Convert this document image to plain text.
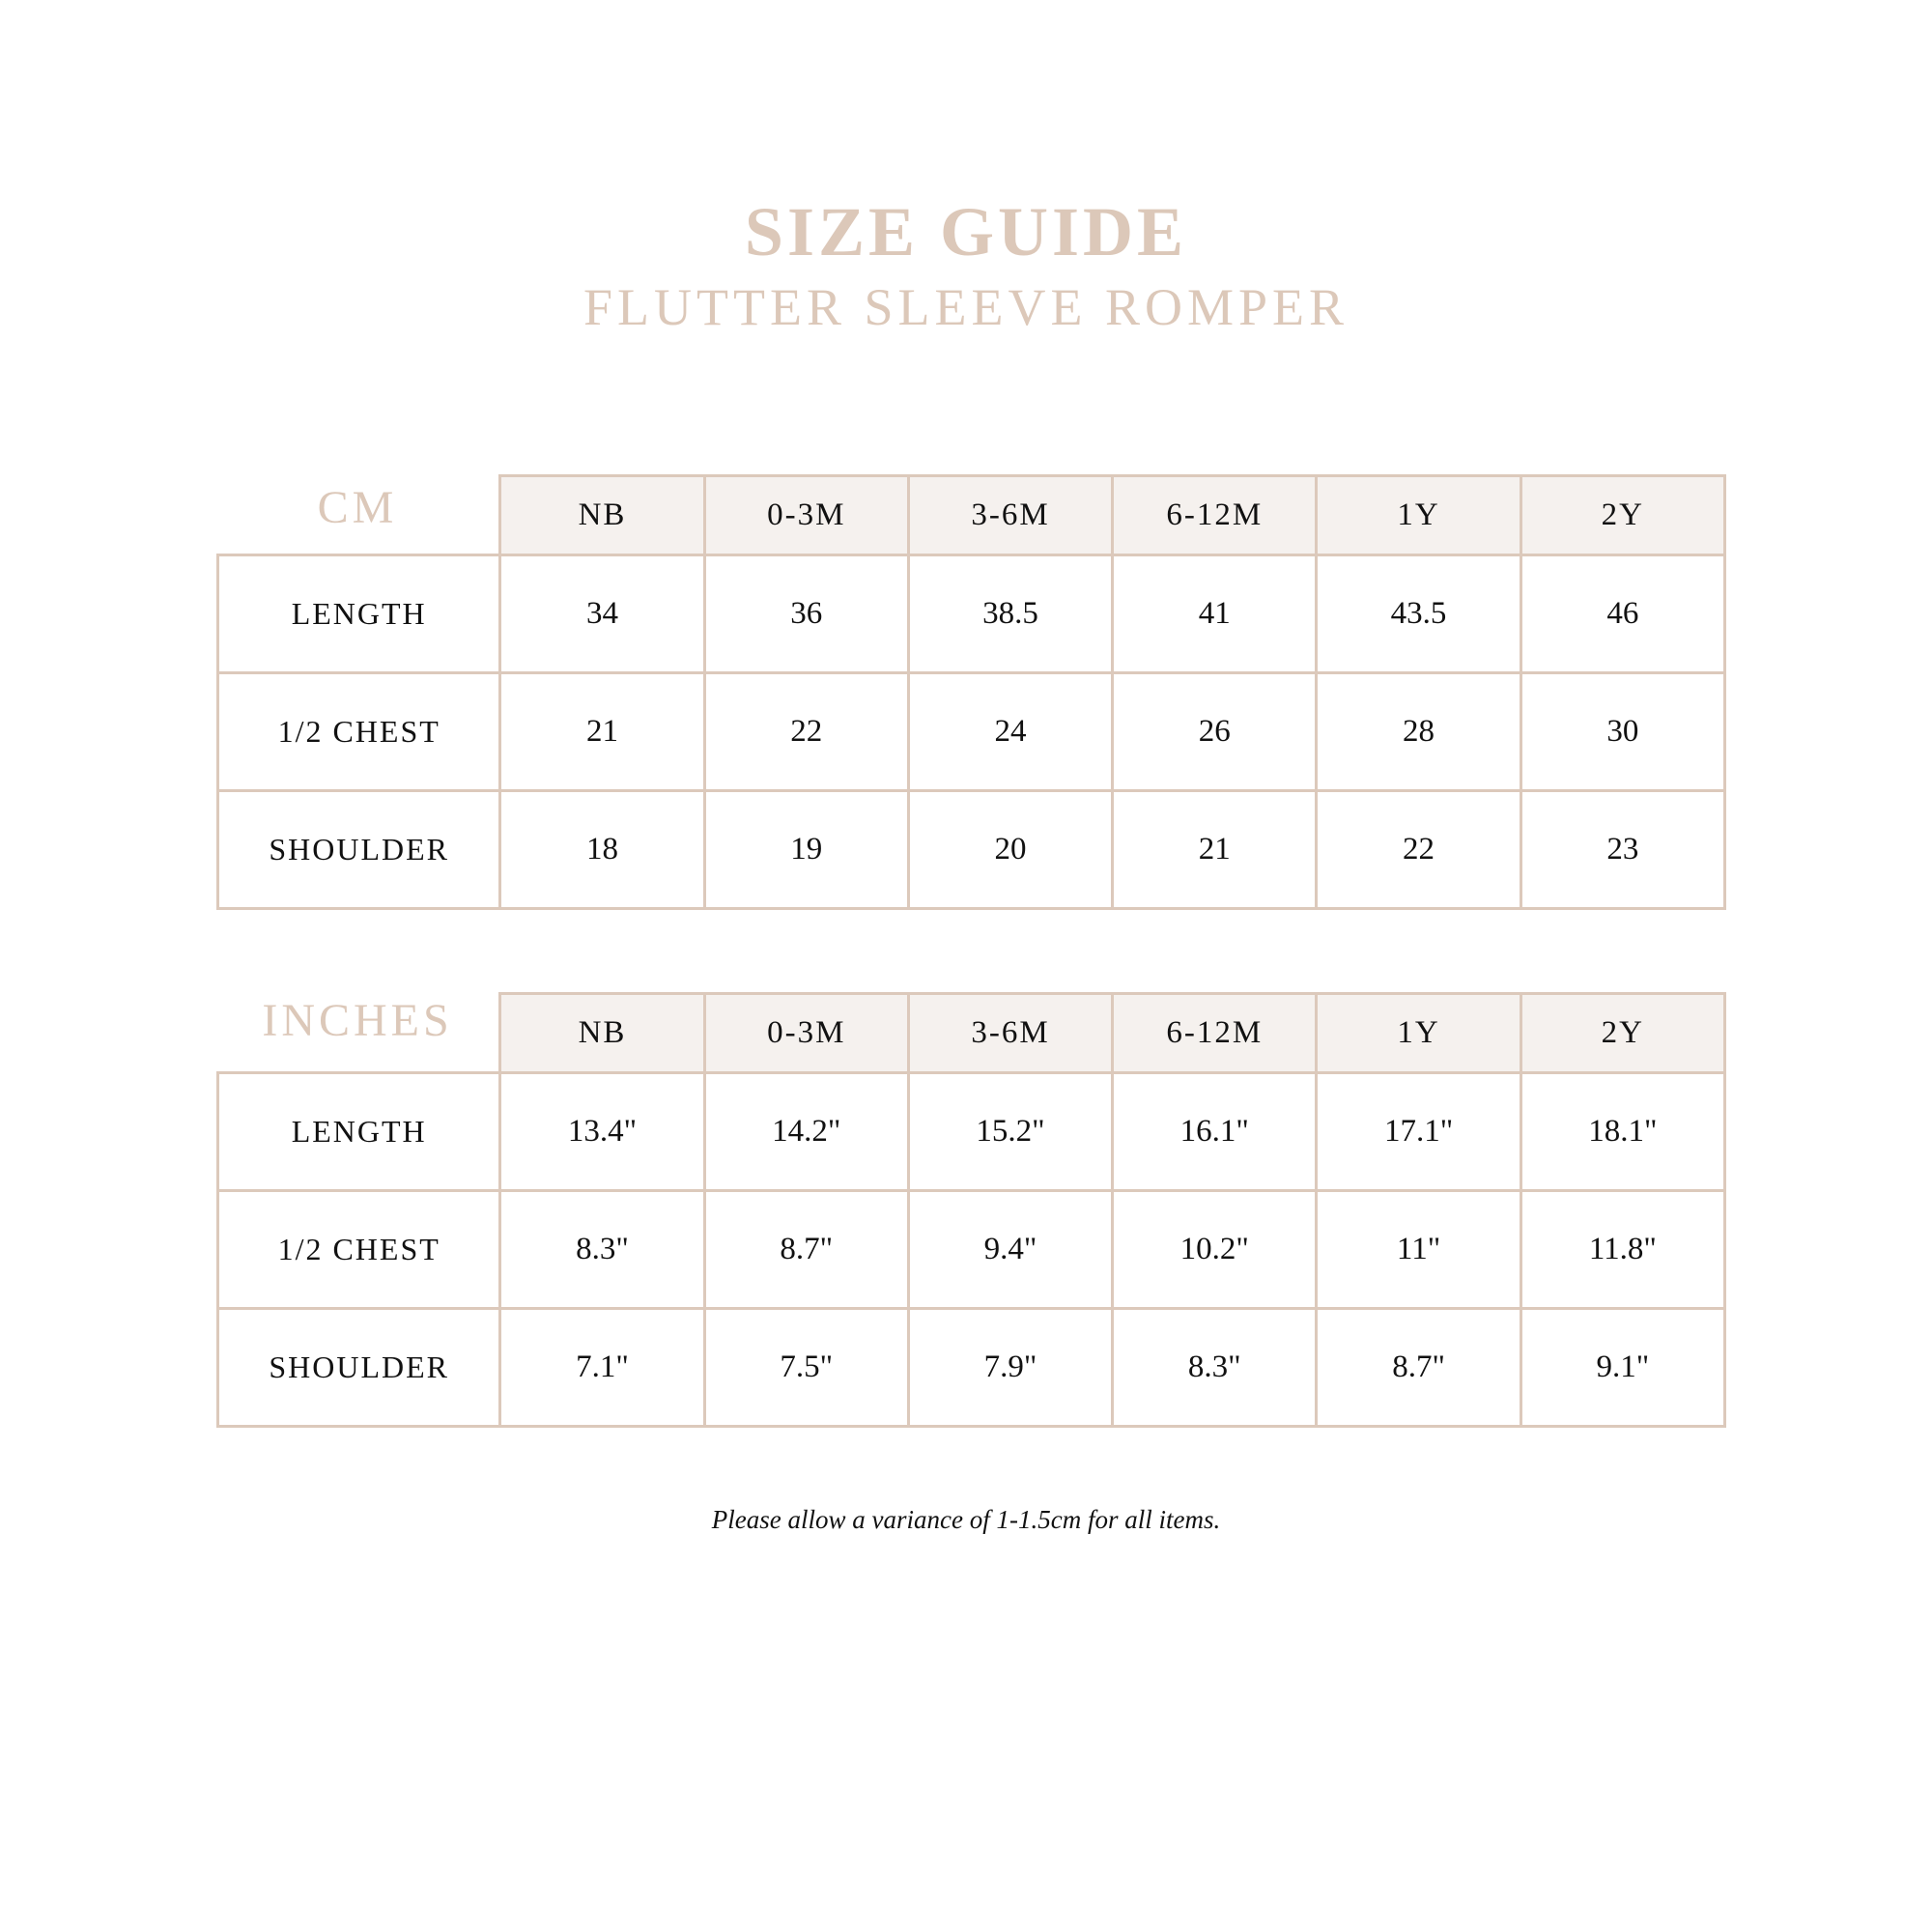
SIZE GUIDE
FLUTTER SLEEVE ROMPER
CM
		NB	0-3M	3-6M	6-12M	1Y	2Y
LENGTH	34	36	38.5	41	43.5	46
1/2 CHEST	21	22	24	26	28	30
SHOULDER	18	19	20	21	22	23
INCHES
		NB	0-3M	3-6M	6-12M	1Y	2Y
LENGTH	13.4"	14.2"	15.2"	16.1"	17.1"	18.1"
1/2 CHEST	8.3"	8.7"	9.4"	10.2"	11"	11.8"
SHOULDER	7.1"	7.5"	7.9"	8.3"	8.7"	9.1"
Please allow a variance of 1-1.5cm for all items.
